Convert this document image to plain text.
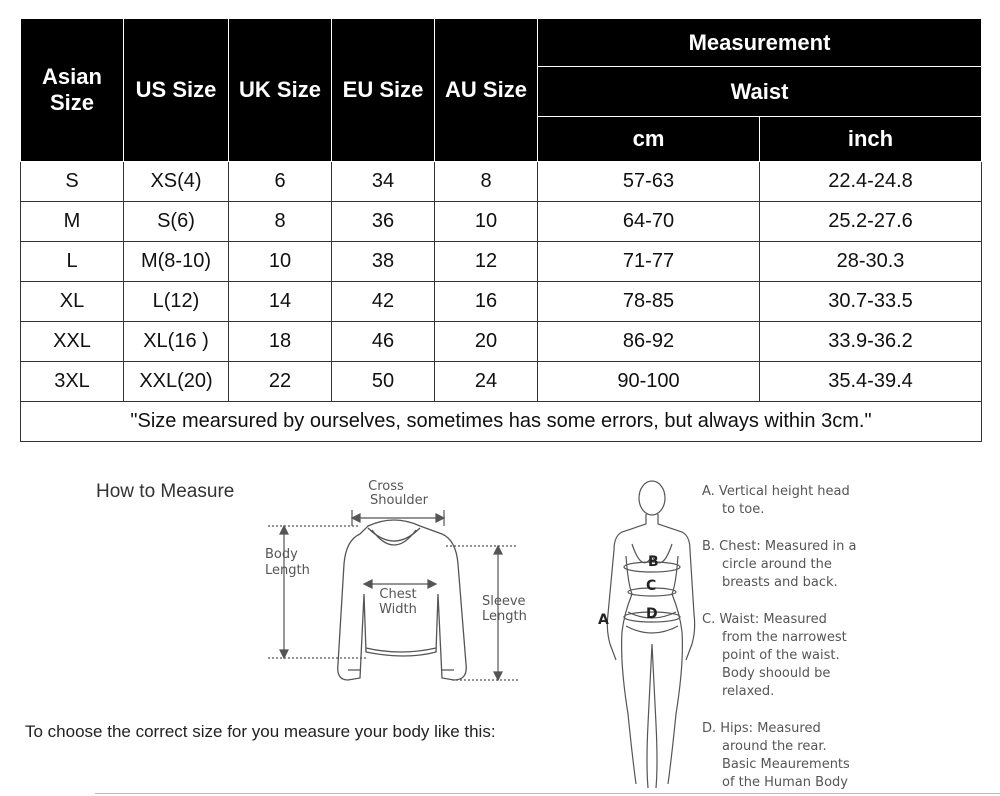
Asian
Size	US Size	UK Size	EU Size	AU Size	Measurement	
					Waist	
					cm	inch
S	XS(4)	6	34	8	57-63	22.4-24.8
M	S(6)	8	36	10	64-70	25.2-27.6
L	M(8-10)	10	38	12	71-77	28-30.3
XL	L(12)	14	42	16	78-85	30.7-33.5
XXL	XL(16 )	18	46	20	86-92	33.9-36.2
3XL	XXL(20)	22	50	24	90-100	35.4-39.4
"Size mearsured by ourselves, sometimes has some errors, but always within 3cm."						
How to Measure	Cross
Shoulder
Body
Length
Chest
Width
Sleeve
Length
B
C
D
A
A. Vertical height head
to toe.
B. Chest: Measured in a
circle around the
breasts and back.
C. Waist: Measured
from the narrowest
point of the waist.
Body shoould be
relaxed.
D. Hips: Measured
around the rear.
Basic Meaurements
of the Human Body
To choose the correct size for you measure your body like this:
